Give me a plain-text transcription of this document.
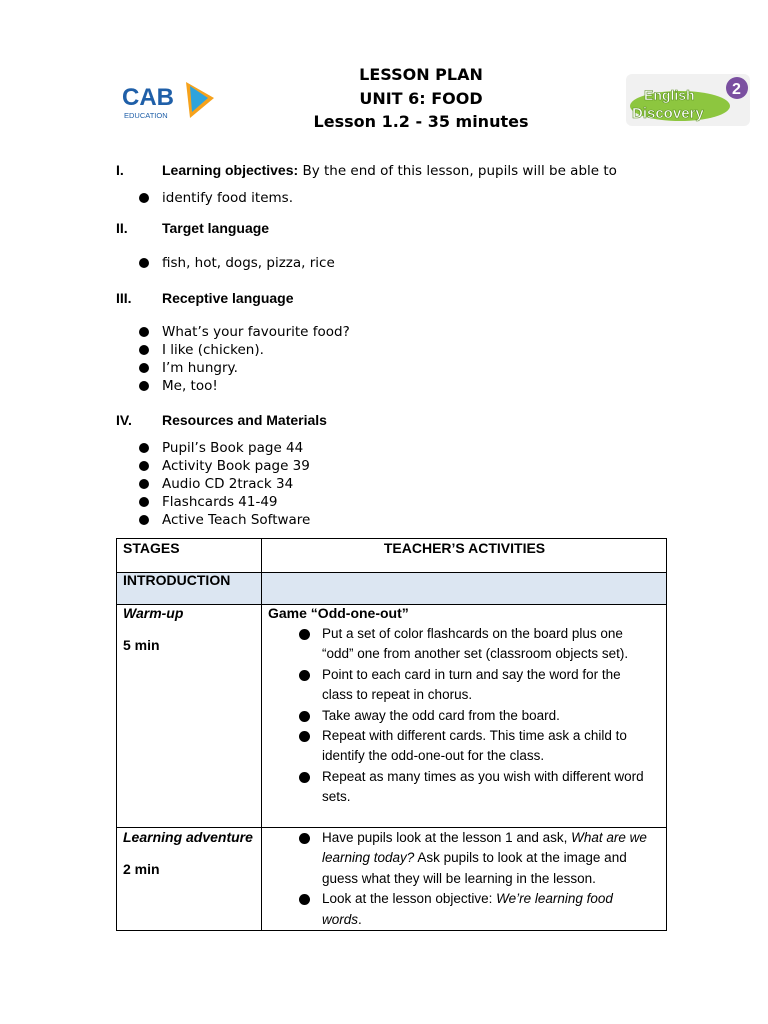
CAB
EDUCATION
English
Discovery
2
LESSON PLAN
UNIT 6: FOOD
Lesson 1.2 - 35 minutes
I.	Learning objectives: By the end of this lesson, pupils will be able to
identify food items.
II. Target language
fish, hot, dogs, pizza, rice
III. Receptive language
What’s your favourite food?
I like (chicken).
I’m hungry.
Me, too!
IV. Resources and Materials
Pupil’s Book page 44
Activity Book page 39
Audio CD 2track 34
Flashcards 41-49
Active Teach Software
STAGES	TEACHER’S ACTIVITIES
INTRODUCTION
Warm-up
5 min
Game “Odd-one-out”
Put a set of color flashcards on the board plus one “odd” one from another set (classroom objects set).
Point to each card in turn and say the word for the class to repeat in chorus.
Take away the odd card from the board.
Repeat with different cards. This time ask a child to identify the odd-one-out for the class.
Repeat as many times as you wish with different word sets.
Learning adventure
2 min
Have pupils look at the lesson 1 and ask, What are we learning today? Ask pupils to look at the image and guess what they will be learning in the lesson.
Look at the lesson objective: We’re learning food words.
